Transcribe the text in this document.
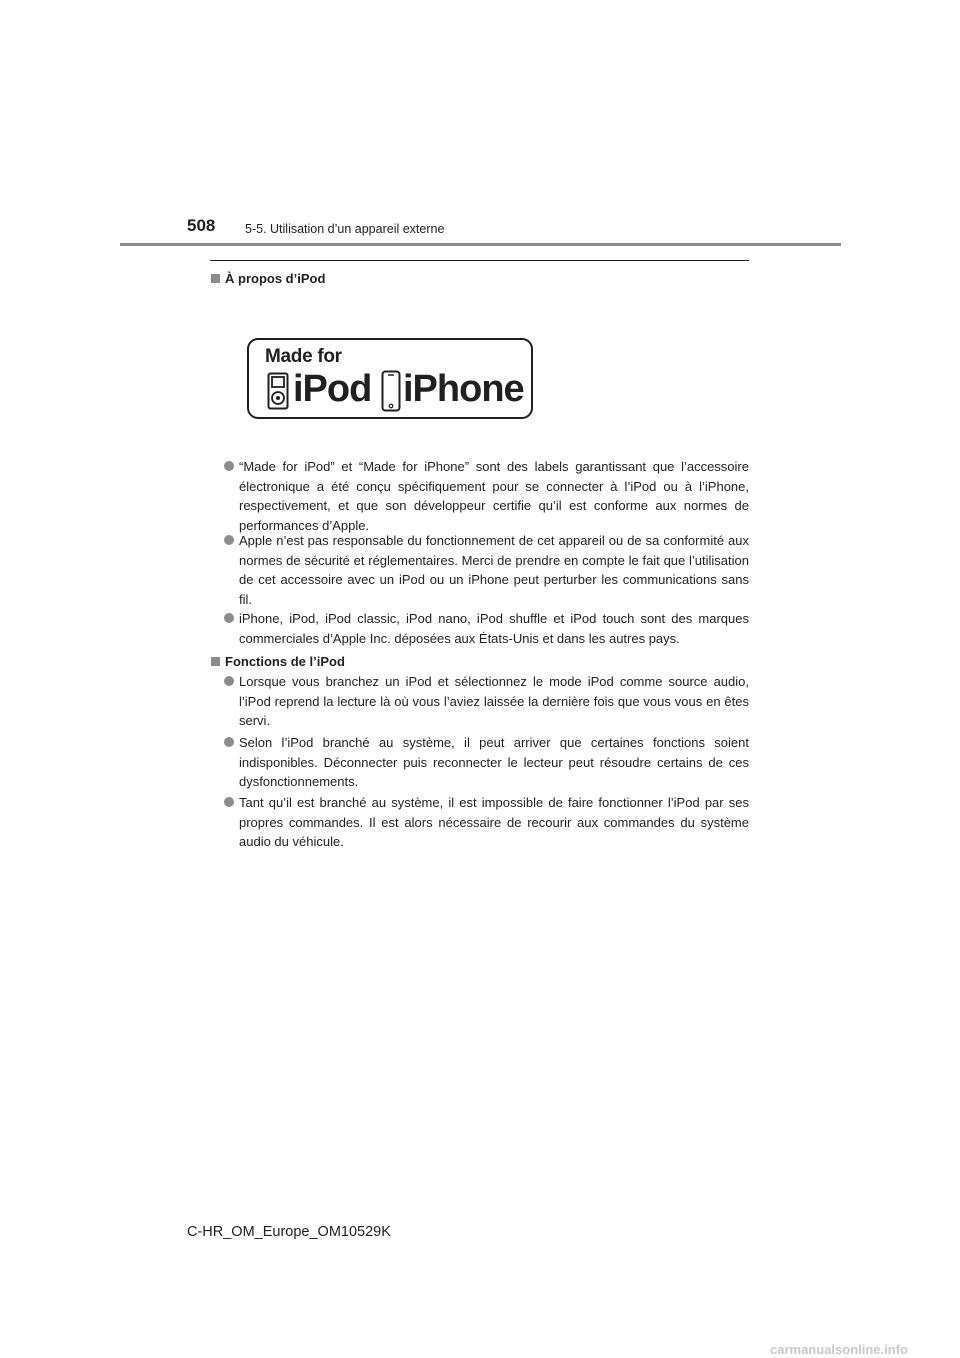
508 5-5. Utilisation d’un appareil externe
À propos d’iPod
Made for
iPod iPhone
“Made for iPod” et “Made for iPhone” sont des labels garantissant que l’accessoire électronique a été conçu spécifiquement pour se connecter à l’iPod ou à l’iPhone, respectivement, et que son développeur certifie qu’il est conforme aux normes de performances d’Apple.
Apple n’est pas responsable du fonctionnement de cet appareil ou de sa conformité aux normes de sécurité et réglementaires. Merci de prendre en compte le fait que l’utilisation de cet accessoire avec un iPod ou un iPhone peut perturber les communications sans fil.
iPhone, iPod, iPod classic, iPod nano, iPod shuffle et iPod touch sont des marques commerciales d’Apple Inc. déposées aux États-Unis et dans les autres pays.
Fonctions de l’iPod
Lorsque vous branchez un iPod et sélectionnez le mode iPod comme source audio, l’iPod reprend la lecture là où vous l’aviez laissée la dernière fois que vous vous en êtes servi.
Selon l’iPod branché au système, il peut arriver que certaines fonctions soient indisponibles. Déconnecter puis reconnecter le lecteur peut résoudre certains de ces dysfonctionnements.
Tant qu’il est branché au système, il est impossible de faire fonctionner l’iPod par ses propres commandes. Il est alors nécessaire de recourir aux commandes du système audio du véhicule.
C-HR_OM_Europe_OM10529K
carmanualsonline.info
